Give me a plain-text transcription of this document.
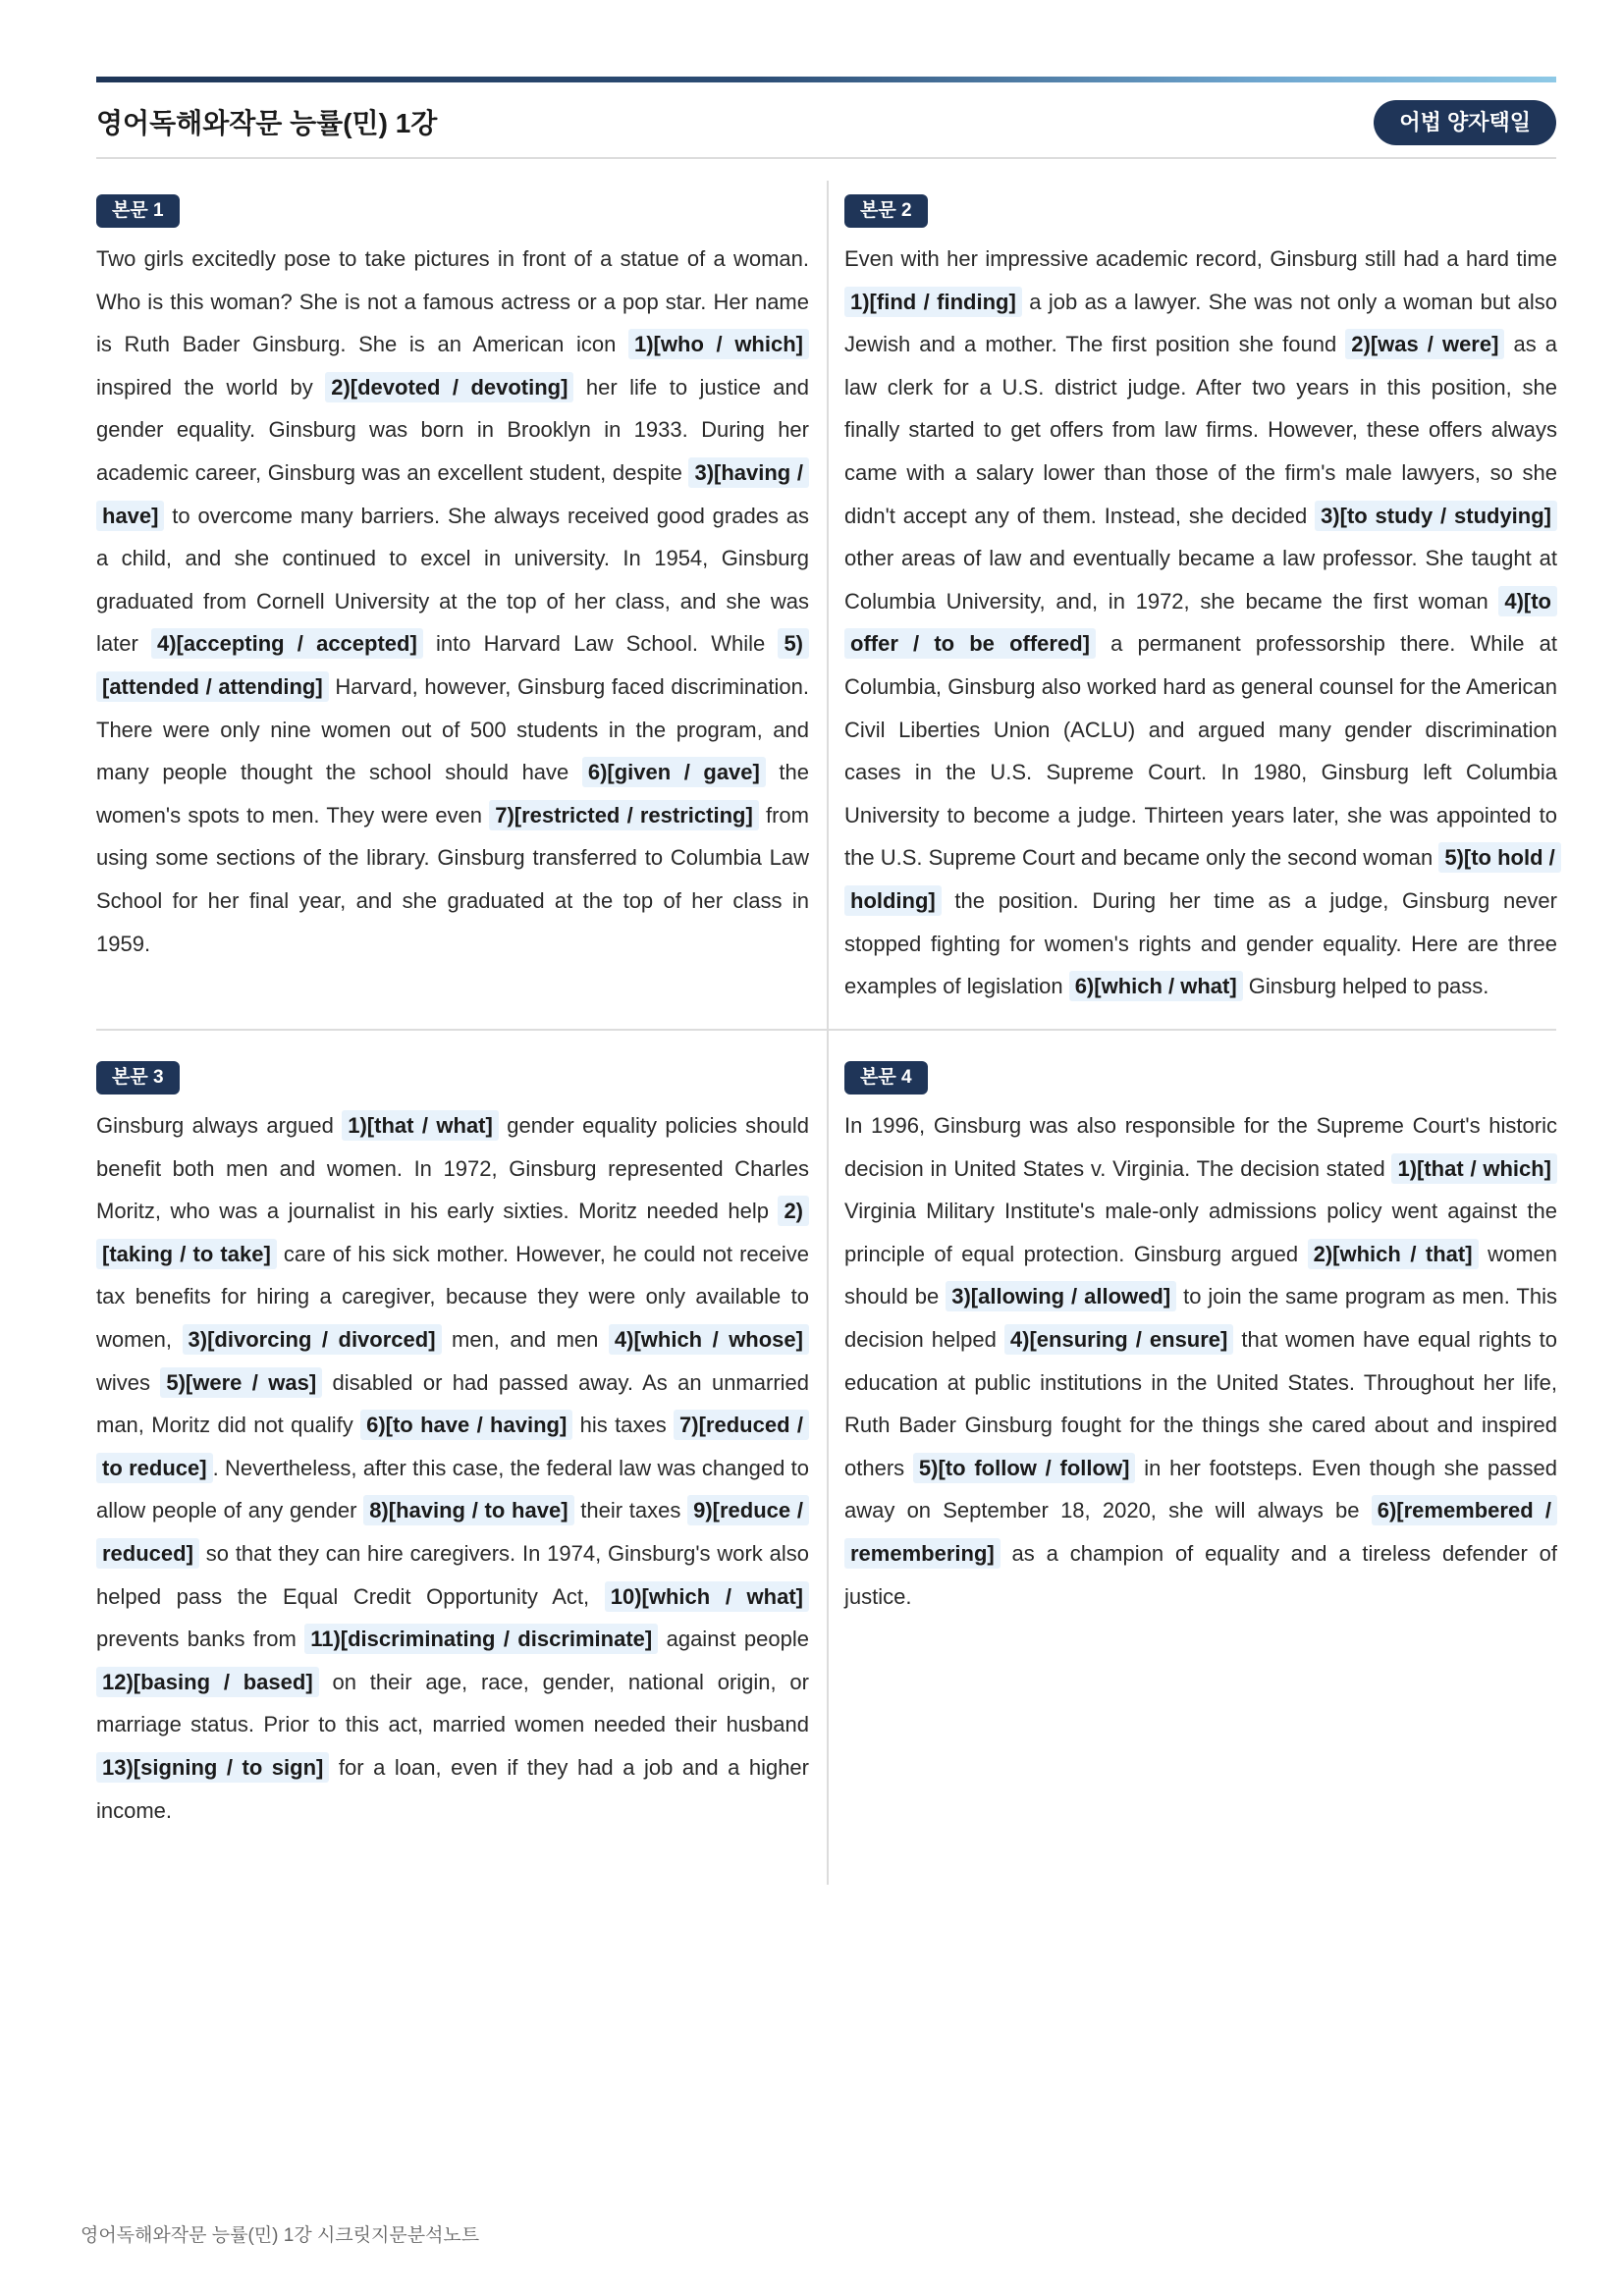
영어독해와작문 능률(민) 1강	어법 양자택일
본문 1
Two girls excitedly pose to take pictures in front of a statue of a woman. Who is this woman? She is not a famous actress or a pop star. Her name is Ruth Bader Ginsburg. She is an American icon 1)[who / which] inspired the world by 2)[devoted / devoting] her life to justice and gender equality. Ginsburg was born in Brooklyn in 1933. During her academic career, Ginsburg was an excellent student, despite 3)[having / have] to overcome many barriers. She always received good grades as a child, and she continued to excel in university. In 1954, Ginsburg graduated from Cornell University at the top of her class, and she was later 4)[accepting / accepted] into Harvard Law School. While 5)[attended / attending] Harvard, however, Ginsburg faced discrimination. There were only nine women out of 500 students in the program, and many people thought the school should have 6)[given / gave] the women's spots to men. They were even 7)[restricted / restricting] from using some sections of the library. Ginsburg transferred to Columbia Law School for her final year, and she graduated at the top of her class in 1959.
본문 2
Even with her impressive academic record, Ginsburg still had a hard time 1)[find / finding] a job as a lawyer. She was not only a woman but also Jewish and a mother. The first position she found 2)[was / were] as a law clerk for a U.S. district judge. After two years in this position, she finally started to get offers from law firms. However, these offers always came with a salary lower than those of the firm's male lawyers, so she didn't accept any of them. Instead, she decided 3)[to study / studying] other areas of law and eventually became a law professor. She taught at Columbia University, and, in 1972, she became the first woman 4)[to offer / to be offered] a permanent professorship there. While at Columbia, Ginsburg also worked hard as general counsel for the American Civil Liberties Union (ACLU) and argued many gender discrimination cases in the U.S. Supreme Court. In 1980, Ginsburg left Columbia University to become a judge. Thirteen years later, she was appointed to the U.S. Supreme Court and became only the second woman 5)[to hold / holding] the position. During her time as a judge, Ginsburg never stopped fighting for women's rights and gender equality. Here are three examples of legislation 6)[which / what] Ginsburg helped to pass.
본문 3
Ginsburg always argued 1)[that / what] gender equality policies should benefit both men and women. In 1972, Ginsburg represented Charles Moritz, who was a journalist in his early sixties. Moritz needed help 2)[taking / to take] care of his sick mother. However, he could not receive tax benefits for hiring a caregiver, because they were only available to women, 3)[divorcing / divorced] men, and men 4)[which / whose] wives 5)[were / was] disabled or had passed away. As an unmarried man, Moritz did not qualify 6)[to have / having] his taxes 7)[reduced / to reduce] . Nevertheless, after this case, the federal law was changed to allow people of any gender 8)[having / to have] their taxes 9)[reduce / reduced] so that they can hire caregivers. In 1974, Ginsburg's work also helped pass the Equal Credit Opportunity Act, 10)[which / what] prevents banks from 11)[discriminating / discriminate] against people 12)[basing / based] on their age, race, gender, national origin, or marriage status. Prior to this act, married women needed their husband 13)[signing / to sign] for a loan, even if they had a job and a higher income.
본문 4
In 1996, Ginsburg was also responsible for the Supreme Court's historic decision in United States v. Virginia. The decision stated 1)[that / which] Virginia Military Institute's male-only admissions policy went against the principle of equal protection. Ginsburg argued 2)[which / that] women should be 3)[allowing / allowed] to join the same program as men. This decision helped 4)[ensuring / ensure] that women have equal rights to education at public institutions in the United States. Throughout her life, Ruth Bader Ginsburg fought for the things she cared about and inspired others 5)[to follow / follow] in her footsteps. Even though she passed away on September 18, 2020, she will always be 6)[remembered / remembering] as a champion of equality and a tireless defender of justice.
영어독해와작문 능률(민) 1강 시크릿지문분석노트
